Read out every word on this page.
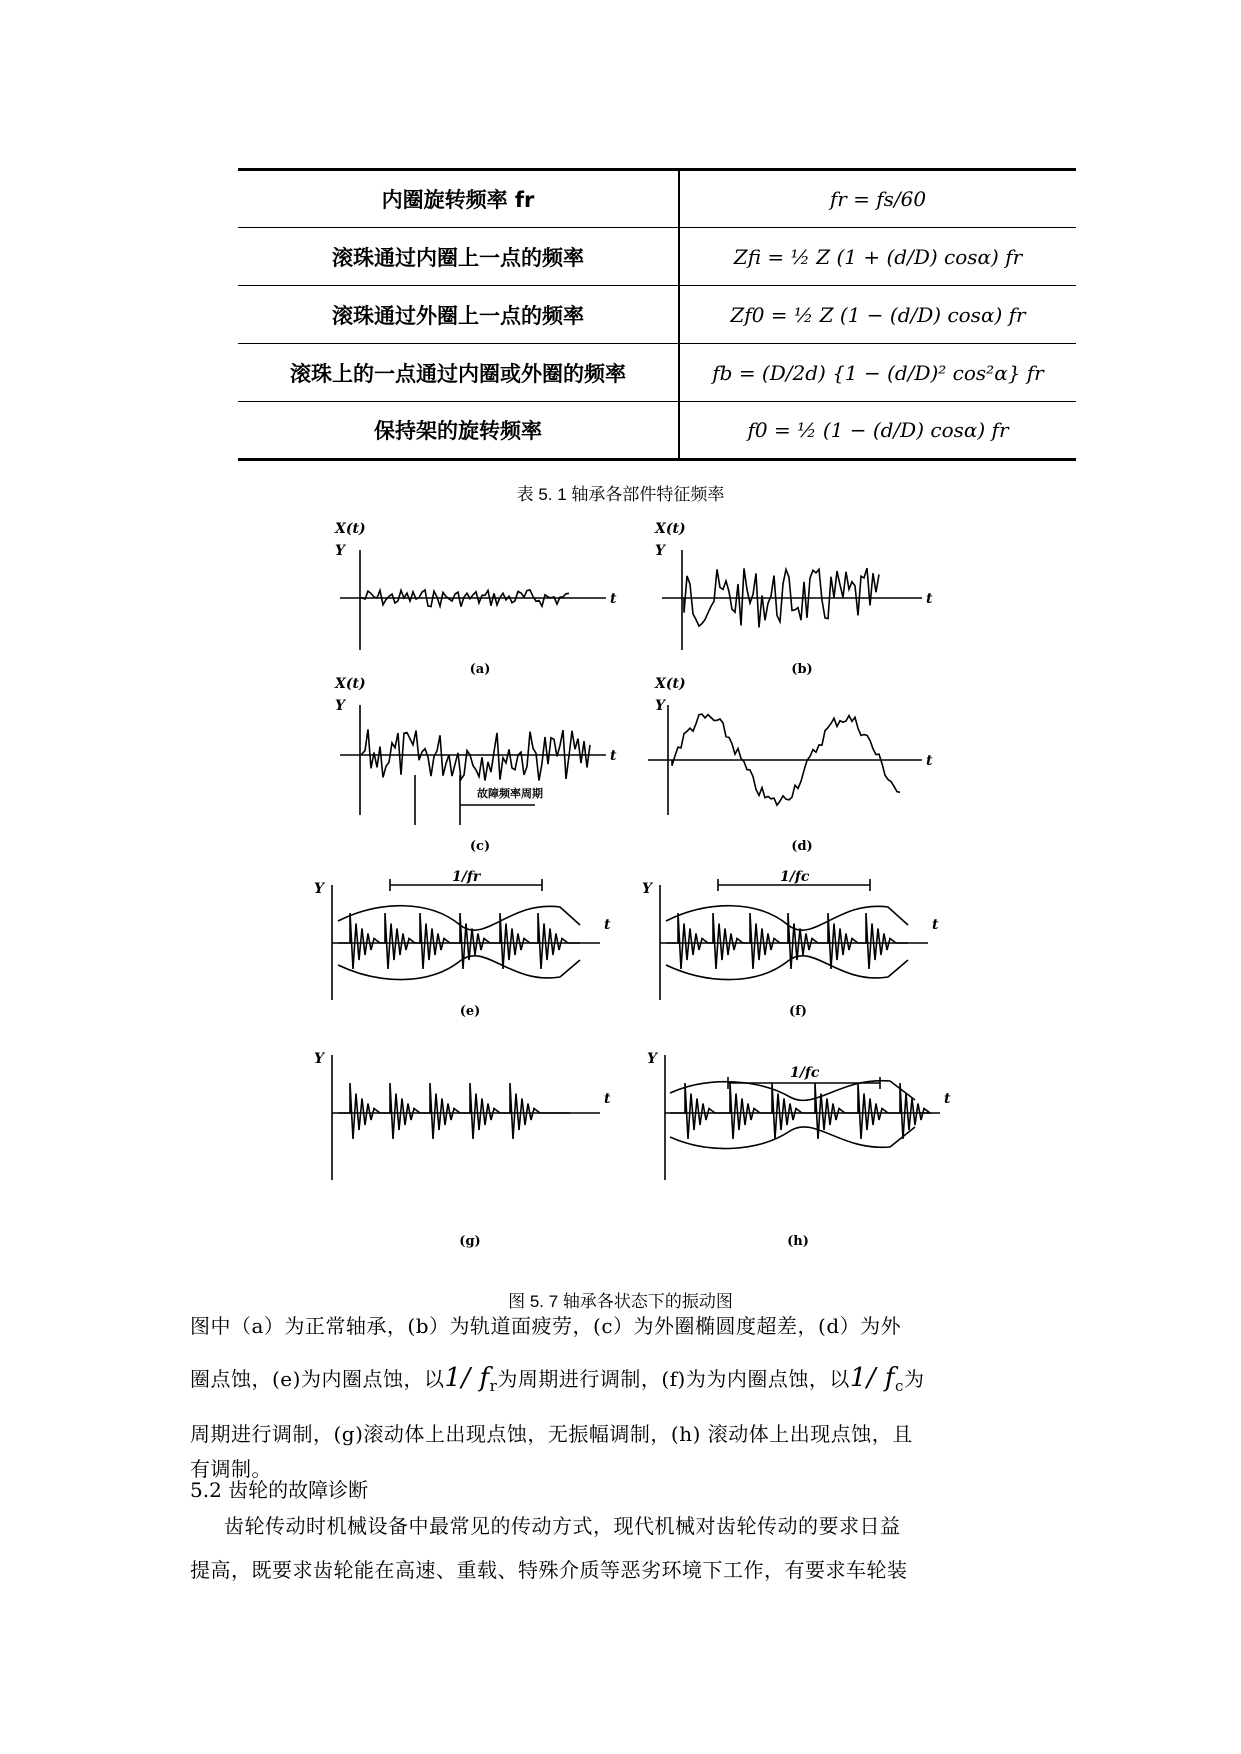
内圈旋转频率 fr	fr = fs/60
滚珠通过内圈上一点的频率	Zfi = ½ Z (1 + (d/D) cosα) fr
滚珠通过外圈上一点的频率	Zf0 = ½ Z (1 − (d/D) cosα) fr
滚珠上的一点通过内圈或外圈的频率	fb = (D/2d) {1 − (d/D)² cos²α} fr
保持架的旋转频率	f0 = ½ (1 − (d/D) cosα) fr
表 5. 1 轴承各部件特征频率
X(t)
Y
t
X(t)
Y
t
X(t)
Y
t
X(t)
Y
t
Y
t
1/fr
Y
t
1/fc
Y
t
Y
t
1/fc
(a)	(b)
(c)	(d)
(e)	(f)
(g)	(h)
故障频率周期
图 5. 7 轴承各状态下的振动图
图中（a）为正常轴承，(b）为轨道面疲劳，(c）为外圈椭圆度超差，(d）为外
圈点蚀，(e)为内圈点蚀，以1/ $f_r$为周期进行调制，(f)为为内圈点蚀，以1/ $f_c$为
周期进行调制，(g)滚动体上出现点蚀，无振幅调制，(h) 滚动体上出现点蚀，且
有调制。
5.2 齿轮的故障诊断
齿轮传动时机械设备中最常见的传动方式，现代机械对齿轮传动的要求日益
提高，既要求齿轮能在高速、重载、特殊介质等恶劣环境下工作，有要求车轮装
